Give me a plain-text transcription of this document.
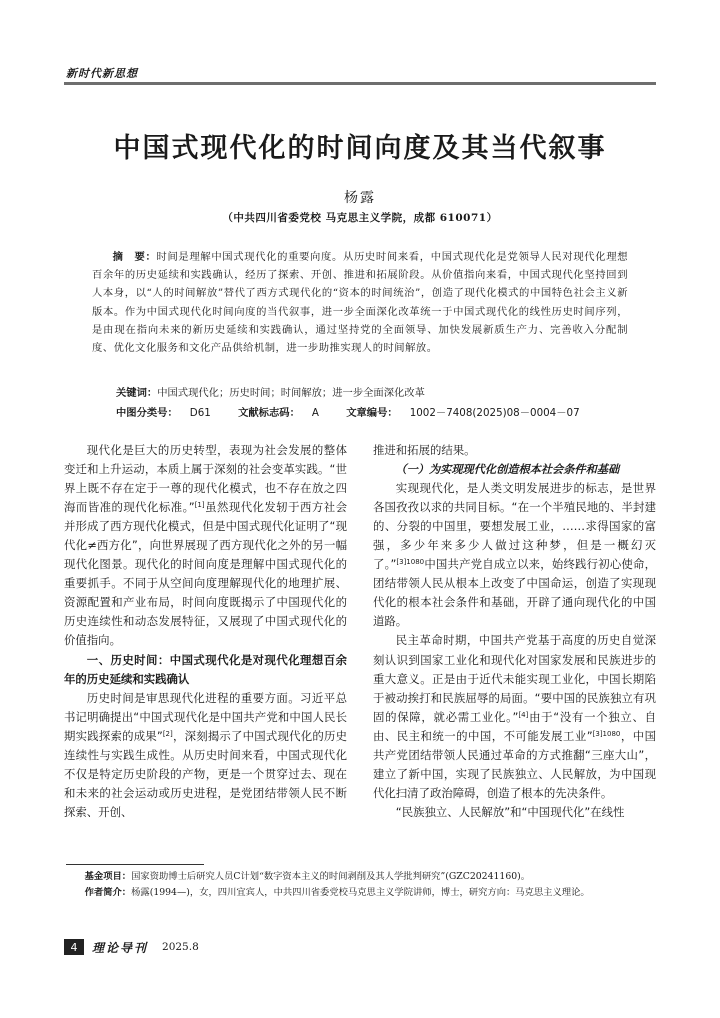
新时代新思想
中国式现代化的时间向度及其当代叙事
杨露
（中共四川省委党校 马克思主义学院，成都 610071）
摘　要：时间是理解中国式现代化的重要向度。从历史时间来看，中国式现代化是党领导人民对现代化理想百余年的历史延续和实践确认，经历了探索、开创、推进和拓展阶段。从价值指向来看，中国式现代化坚持回到人本身，以“人的时间解放”替代了西方式现代化的“资本的时间统治”，创造了现代化模式的中国特色社会主义新版本。作为中国式现代化时间向度的当代叙事，进一步全面深化改革统一于中国式现代化的线性历史时间序列，是由现在指向未来的新历史延续和实践确认，通过坚持党的全面领导、加快发展新质生产力、完善收入分配制度、优化文化服务和文化产品供给机制，进一步助推实现人的时间解放。
关键词：中国式现代化；历史时间；时间解放；进一步全面深化改革
中图分类号： D61	文献标志码： A	文章编号： 1002－7408(2025)08－0004－07

现代化是巨大的历史转型，表现为社会发展的整体变迁和上升运动，本质上属于深刻的社会变革实践。“世界上既不存在定于一尊的现代化模式，也不存在放之四海而皆准的现代化标准。”[1]虽然现代化发轫于西方社会并形成了西方现代化模式，但是中国式现代化证明了“现代化≠西方化”，向世界展现了西方现代化之外的另一幅现代化图景。现代化的时间向度是理解中国式现代化的重要抓手。不同于从空间向度理解现代化的地理扩展、资源配置和产业布局，时间向度既揭示了中国现代化的历史连续性和动态发展特征，又展现了中国式现代化的价值指向。

一、历史时间：中国式现代化是对现代化理想百余年的历史延续和实践确认

历史时间是审思现代化进程的重要方面。习近平总书记明确提出“中国式现代化是中国共产党和中国人民长期实践探索的成果”[2]，深刻揭示了中国式现代化的历史连续性与实践生成性。从历史时间来看，中国式现代化不仅是特定历史阶段的产物，更是一个贯穿过去、现在和未来的社会运动或历史进程，是党团结带领人民不断探索、开创、

推进和拓展的结果。

（一）为实现现代化创造根本社会条件和基础

实现现代化，是人类文明发展进步的标志，是世界各国孜孜以求的共同目标。“在一个半殖民地的、半封建的、分裂的中国里，要想发展工业，……求得国家的富强，多少年来多少人做过这种梦，但是一概幻灭了。”$^{[3]1080}$中国共产党自成立以来，始终践行初心使命，团结带领人民从根本上改变了中国命运，创造了实现现代化的根本社会条件和基础，开辟了通向现代化的中国道路。

民主革命时期，中国共产党基于高度的历史自觉深刻认识到国家工业化和现代化对国家发展和民族进步的重大意义。正是由于近代未能实现工业化，中国长期陷于被动挨打和民族屈辱的局面。“要中国的民族独立有巩固的保障，就必需工业化。”[4]由于“没有一个独立、自由、民主和统一的中国，不可能发展工业”$^{[3]1080}$，中国共产党团结带领人民通过革命的方式推翻“三座大山”，建立了新中国，实现了民族独立、人民解放，为中国现代化扫清了政治障碍，创造了根本的先决条件。

“民族独立、人民解放”和“中国现代化”在线性

基金项目：国家资助博士后研究人员C计划“数字资本主义的时间剥削及其人学批判研究”(GZC20241160)。
作者简介：杨露(1994—)，女，四川宜宾人，中共四川省委党校马克思主义学院讲师，博士，研究方向：马克思主义理论。
4	理论导刊 2025.8
